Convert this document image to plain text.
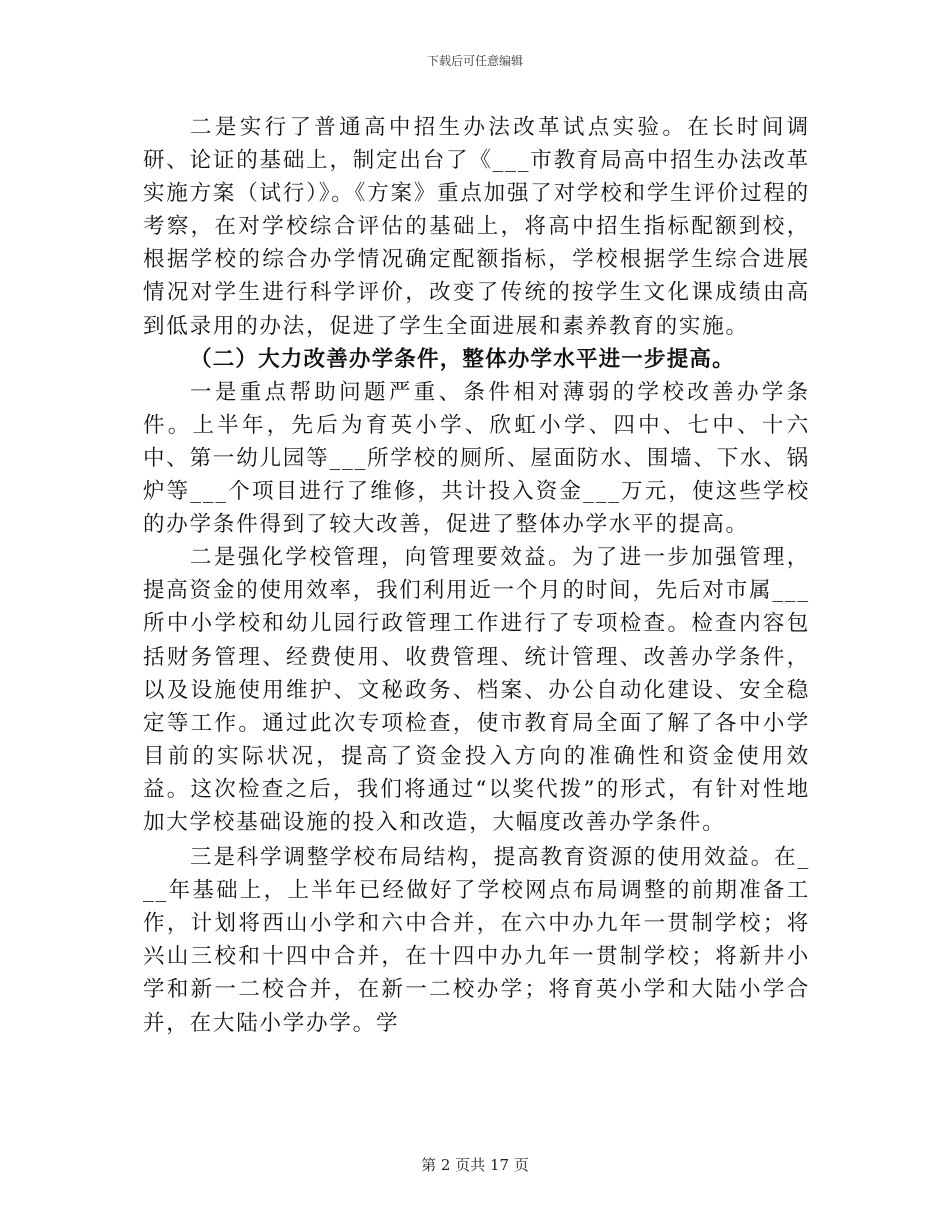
下载后可任意编辑

二是实行了普通高中招生办法改革试点实验。在长时间调研、论证的基础上，制定出台了《___市教育局高中招生办法改革实施方案（试行）》。《方案》重点加强了对学校和学生评价过程的考察，在对学校综合评估的基础上，将高中招生指标配额到校，根据学校的综合办学情况确定配额指标，学校根据学生综合进展情况对学生进行科学评价，改变了传统的按学生文化课成绩由高到低录用的办法，促进了学生全面进展和素养教育的实施。

（二）大力改善办学条件，整体办学水平进一步提高。

一是重点帮助问题严重、条件相对薄弱的学校改善办学条件。上半年，先后为育英小学、欣虹小学、四中、七中、十六中、第一幼儿园等___所学校的厕所、屋面防水、围墙、下水、锅炉等___个项目进行了维修，共计投入资金___万元，使这些学校的办学条件得到了较大改善，促进了整体办学水平的提高。

二是强化学校管理，向管理要效益。为了进一步加强管理，提高资金的使用效率，我们利用近一个月的时间，先后对市属___所中小学校和幼儿园行政管理工作进行了专项检查。检查内容包括财务管理、经费使用、收费管理、统计管理、改善办学条件，以及设施使用维护、文秘政务、档案、办公自动化建设、安全稳定等工作。通过此次专项检查，使市教育局全面了解了各中小学目前的实际状况，提高了资金投入方向的准确性和资金使用效益。这次检查之后，我们将通过“以奖代拨”的形式，有针对性地加大学校基础设施的投入和改造，大幅度改善办学条件。

三是科学调整学校布局结构，提高教育资源的使用效益。在___年基础上，上半年已经做好了学校网点布局调整的前期准备工作，计划将西山小学和六中合并，在六中办九年一贯制学校；将兴山三校和十四中合并，在十四中办九年一贯制学校；将新井小学和新一二校合并，在新一二校办学；将育英小学和大陆小学合并，在大陆小学办学。学

第 2 页共 17 页
